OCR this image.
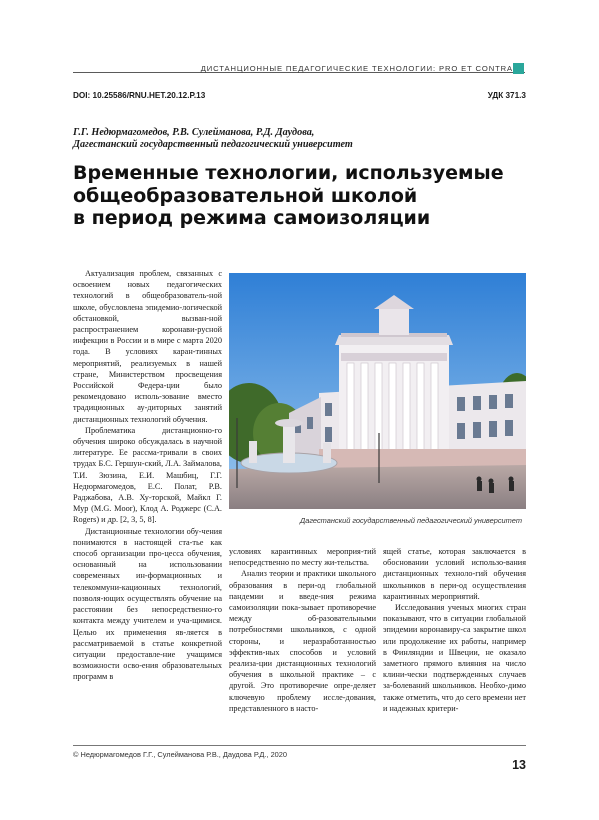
ДИСТАНЦИОННЫЕ ПЕДАГОГИЧЕСКИЕ ТЕХНОЛОГИИ: PRO ET CONTRA
DOI: 10.25586/RNU.HET.20.12.P.13	УДК 371.3
Г.Г. Недюрмагомедов, Р.В. Сулейманова, Р.Д. Даудова,
Дагестанский государственный педагогический университет
Временные технологии, используемые
общеобразовательной школой
в период режима самоизоляции

Актуализация проблем, связанных с освоением новых педагогических технологий в общеобразователь-ной школе, обусловлена эпидемио-логической обстановкой, вызван-ной распространением коронави-русной инфекции в России и в мире с марта 2020 года. В условиях каран-тинных мероприятий, реализуемых в нашей стране, Министерством просвещения Российской Федера-ции было рекомендовано исполь-зование вместо традиционных ау-диторных занятий дистанционных технологий обучения.

Проблематика дистанционно-го обучения широко обсуждалась в научной литературе. Ее рассма-тривали в своих трудах Б.С. Гершун-ский, Л.А. Займалова, Т.И. Зюзина, Е.И. Машбиц, Г.Г. Недюрмагомедов, Е.С. Полат, Р.В. Раджабова, А.В. Ху-торской, Майкл Г. Мур (M.G. Moor), Клод А. Роджерс (C.A. Rogers) и др. [2, 3, 5, 8].

Дистанционные технологии обу-чения понимаются в настоящей ста-тье как способ организации про-цесса обучения, основанный на использовании современных ин-формационных и телекоммуни-кационных технологий, позволя-ющих осуществлять обучение на расстоянии без непосредственно-го контакта между учителем и уча-щимися. Целью их применения яв-ляется в рассматриваемой в статье конкретной ситуации предоставле-ние учащимся возможности осво-ения образовательных программ в

Дагестанский государственный педагогический университет

условиях карантинных мероприя-тий непосредственно по месту жи-тельства.

Анализ теории и практики школьного образования в пери-од глобальной пандемии и введе-ния режима самоизоляции пока-зывает противоречие между об-разовательными потребностями школьников, с одной стороны, и неразработанностью эффектив-ных способов и условий реализа-ции дистанционных технологий обучения в школьной практике – с другой. Это противоречие опре-деляет ключевую проблему иссле-дования, представленного в насто-

ящей статье, которая заключается в обосновании условий использо-вания дистанционных техноло-гий обучения школьников в пери-од осуществления карантинных мероприятий.

Исследования ученых многих стран показывают, что в ситуации глобальной эпидемии коронавиру-са закрытие школ или продолжение их работы, например в Финляндии и Швеции, не оказало заметного прямого влияния на число клини-чески подтвержденных случаев за-болеваний школьников. Необхо-димо также отметить, что до сего времени нет и надежных критери-

© Недюрмагомедов Г.Г., Сулейманова Р.В., Даудова Р.Д., 2020
13
